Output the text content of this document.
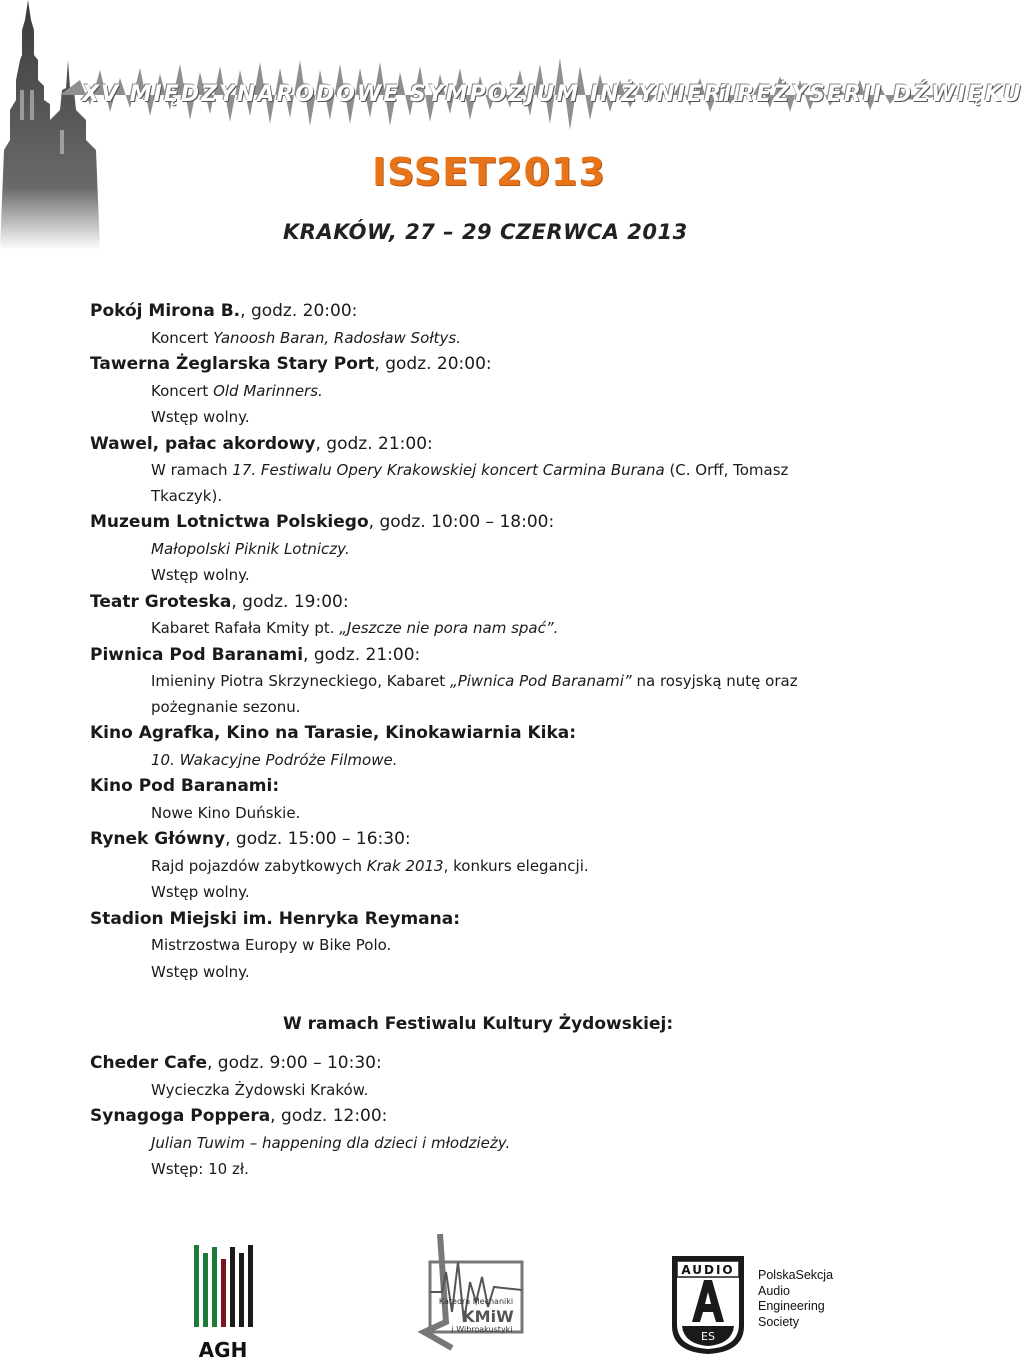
XV MIĘDZYNARODOWE SYMPOZJUM INŻYNIERII
i REŻYSERII DŹWIĘKU
ISSET2013
KRAKÓW, 27 – 29 CZERWCA 2013
Pokój Mirona B., godz. 20:00:
Koncert Yanoosh Baran, Radosław Sołtys.
Tawerna Żeglarska Stary Port, godz. 20:00:
Koncert Old Marinners.
Wstęp wolny.
Wawel, pałac akordowy, godz. 21:00:
W ramach 17. Festiwalu Opery Krakowskiej koncert Carmina Burana (C. Orff, Tomasz Tkaczyk).
Muzeum Lotnictwa Polskiego, godz. 10:00 – 18:00:
Małopolski Piknik Lotniczy.
Wstęp wolny.
Teatr Groteska, godz. 19:00:
Kabaret Rafała Kmity pt. „Jeszcze nie pora nam spać”.
Piwnica Pod Baranami, godz. 21:00:
Imieniny Piotra Skrzyneckiego, Kabaret „Piwnica Pod Baranami” na rosyjską nutę oraz pożegnanie sezonu.
Kino Agrafka, Kino na Tarasie, Kinokawiarnia Kika:
10. Wakacyjne Podróże Filmowe.
Kino Pod Baranami:
Nowe Kino Duńskie.
Rynek Główny, godz. 15:00 – 16:30:
Rajd pojazdów zabytkowych Krak 2013, konkurs elegancji.
Wstęp wolny.
Stadion Miejski im. Henryka Reymana:
Mistrzostwa Europy w Bike Polo.
Wstęp wolny.
W ramach Festiwalu Kultury Żydowskiej:
Cheder Cafe, godz. 9:00 – 10:30:
Wycieczka Żydowski Kraków.
Synagoga Poppera, godz. 12:00:
Julian Tuwim – happening dla dzieci i młodzieży.
Wstęp: 10 zł.
AGH
Katedra Mechaniki
KMiW
i Wibroakustyki
AUDIO
ES
PolskaSekcja
Audio
Engineering
Society
